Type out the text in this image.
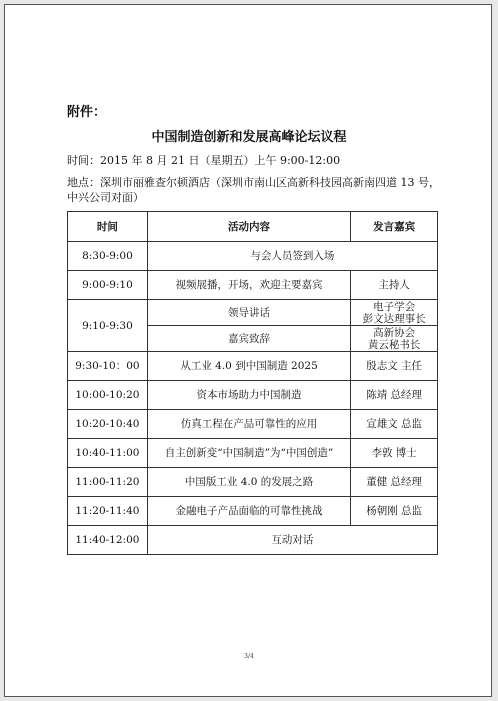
附件：
中国制造创新和发展高峰论坛议程
时间：2015 年 8 月 21 日（星期五）上午 9:00-12:00
地点：深圳市丽雅查尔顿酒店（深圳市南山区高新科技园高新南四道 13 号，中兴公司对面）
时间	活动内容	发言嘉宾
8:30-9:00	与会人员签到入场	
9:00-9:10	视频展播，开场，欢迎主要嘉宾	主持人
9:10-9:30	领导讲话	电子学会
彭文达理事长

	嘉宾致辞	高新协会
黄云秘书长

9:30-10：00	从工业 4.0 到中国制造 2025	殷志文 主任
10:00-10:20	资本市场助力中国制造	陈靖 总经理
10:20-10:40	仿真工程在产品可靠性的应用	宣雄文 总监
10:40-11:00	自主创新变“中国制造”为“中国创造”	李敦 博士
11:00-11:20	中国版工业 4.0 的发展之路	董健 总经理
11:20-11:40	金融电子产品面临的可靠性挑战	杨朝刚 总监
11:40-12:00	互动对话	
3/4
